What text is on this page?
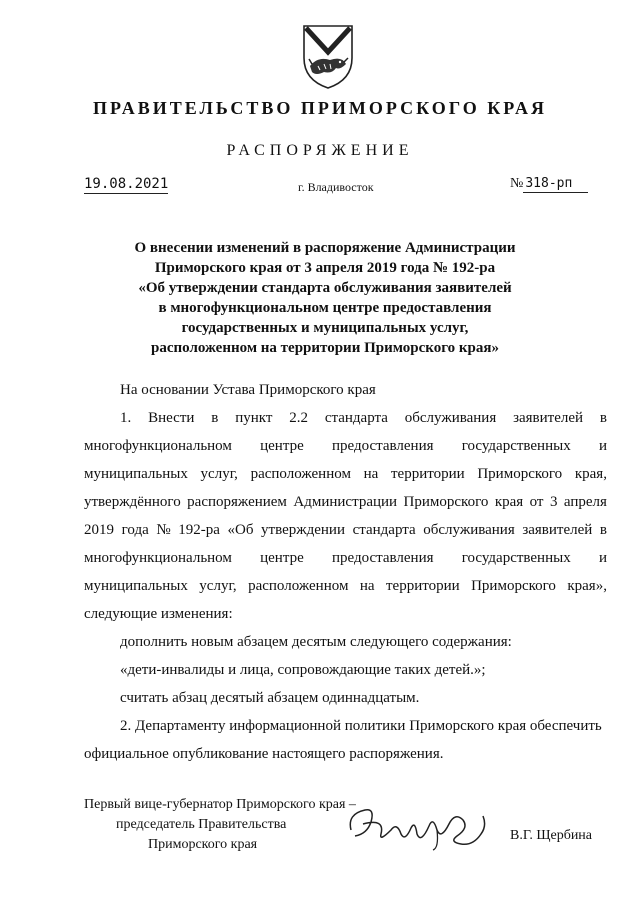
ПРАВИТЕЛЬСТВО ПРИМОРСКОГО КРАЯ
РАСПОРЯЖЕНИЕ
19.08.2021	г. Владивосток	№ 318-рп
О внесении изменений в распоряжение Администрации
Приморского края от 3 апреля 2019 года № 192-ра
«Об утверждении стандарта обслуживания заявителей
в многофункциональном центре предоставления
государственных и муниципальных услуг,
расположенном на территории Приморского края»
На основании Устава Приморского края
1. Внести в пункт 2.2 стандарта обслуживания заявителей в
многофункциональном центре предоставления государственных и
муниципальных услуг, расположенном на территории Приморского края,
утверждённого распоряжением Администрации Приморского края от 3 апреля
2019 года № 192-ра «Об утверждении стандарта обслуживания заявителей в
многофункциональном центре предоставления государственных и
муниципальных услуг, расположенном на территории Приморского края»,
следующие изменения:
дополнить новым абзацем десятым следующего содержания:
«дети-инвалиды и лица, сопровождающие таких детей.»;
считать абзац десятый абзацем одиннадцатым.
2. Департаменту информационной политики Приморского края обеспечить
официальное опубликование настоящего распоряжения.
Первый вице-губернатор Приморского края –
председатель Правительства
Приморского края
В.Г. Щербина
